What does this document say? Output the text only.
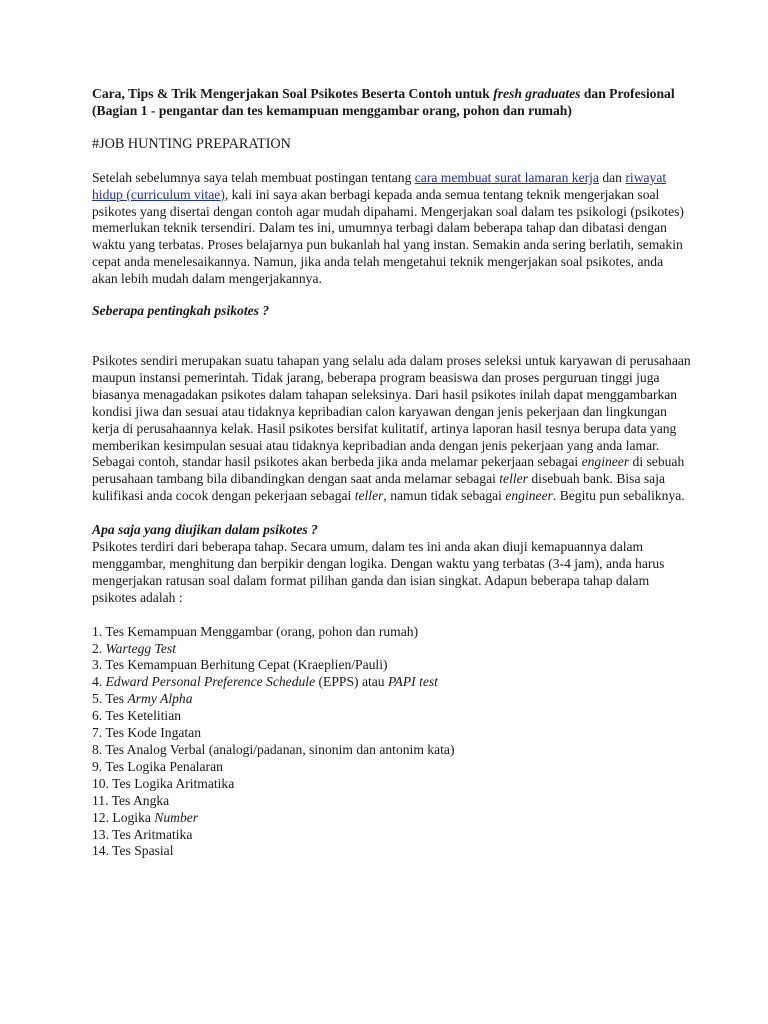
Cara, Tips & Trik Mengerjakan Soal Psikotes Beserta Contoh untuk fresh graduates dan Profesional (Bagian 1 - pengantar dan tes kemampuan menggambar orang, pohon dan rumah)

#JOB HUNTING PREPARATION

Setelah sebelumnya saya telah membuat postingan tentang cara membuat surat lamaran kerja dan riwayat hidup (curriculum vitae), kali ini saya akan berbagi kepada anda semua tentang teknik mengerjakan soal psikotes yang disertai dengan contoh agar mudah dipahami. Mengerjakan soal dalam tes psikologi (psikotes) memerlukan teknik tersendiri. Dalam tes ini, umumnya terbagi dalam beberapa tahap dan dibatasi dengan waktu yang terbatas. Proses belajarnya pun bukanlah hal yang instan. Semakin anda sering berlatih, semakin cepat anda menelesaikannya. Namun, jika anda telah mengetahui teknik mengerjakan soal psikotes, anda akan lebih mudah dalam mengerjakannya.

Seberapa pentingkah psikotes ?

Psikotes sendiri merupakan suatu tahapan yang selalu ada dalam proses seleksi untuk karyawan di perusahaan maupun instansi pemerintah. Tidak jarang, beberapa program beasiswa dan proses perguruan tinggi juga biasanya menagadakan psikotes dalam tahapan seleksinya. Dari hasil psikotes inilah dapat menggambarkan kondisi jiwa dan sesuai atau tidaknya kepribadian calon karyawan dengan jenis pekerjaan dan lingkungan kerja di perusahaannya kelak. Hasil psikotes bersifat kulitatif, artinya laporan hasil tesnya berupa data yang memberikan kesimpulan sesuai atau tidaknya kepribadian anda dengan jenis pekerjaan yang anda lamar. Sebagai contoh, standar hasil psikotes akan berbeda jika anda melamar pekerjaan sebagai engineer di sebuah perusahaan tambang bila dibandingkan dengan saat anda melamar sebagai teller disebuah bank. Bisa saja kulifikasi anda cocok dengan pekerjaan sebagai teller, namun tidak sebagai engineer. Begitu pun sebaliknya.

Apa saja yang diujikan dalam psikotes ?

Psikotes terdiri dari beberapa tahap. Secara umum, dalam tes ini anda akan diuji kemapuannya dalam menggambar, menghitung dan berpikir dengan logika. Dengan waktu yang terbatas (3-4 jam), anda harus mengerjakan ratusan soal dalam format pilihan ganda dan isian singkat. Adapun beberapa tahap dalam psikotes adalah :

1. Tes Kemampuan Menggambar (orang, pohon dan rumah)
2. Wartegg Test
3. Tes Kemampuan Berhitung Cepat (Kraeplien/Pauli)
4. Edward Personal Preference Schedule (EPPS) atau PAPI test
5. Tes Army Alpha
6. Tes Ketelitian
7. Tes Kode Ingatan
8. Tes Analog Verbal (analogi/padanan, sinonim dan antonim kata)
9. Tes Logika Penalaran
10. Tes Logika Aritmatika
11. Tes Angka
12. Logika Number
13. Tes Aritmatika
14. Tes Spasial
